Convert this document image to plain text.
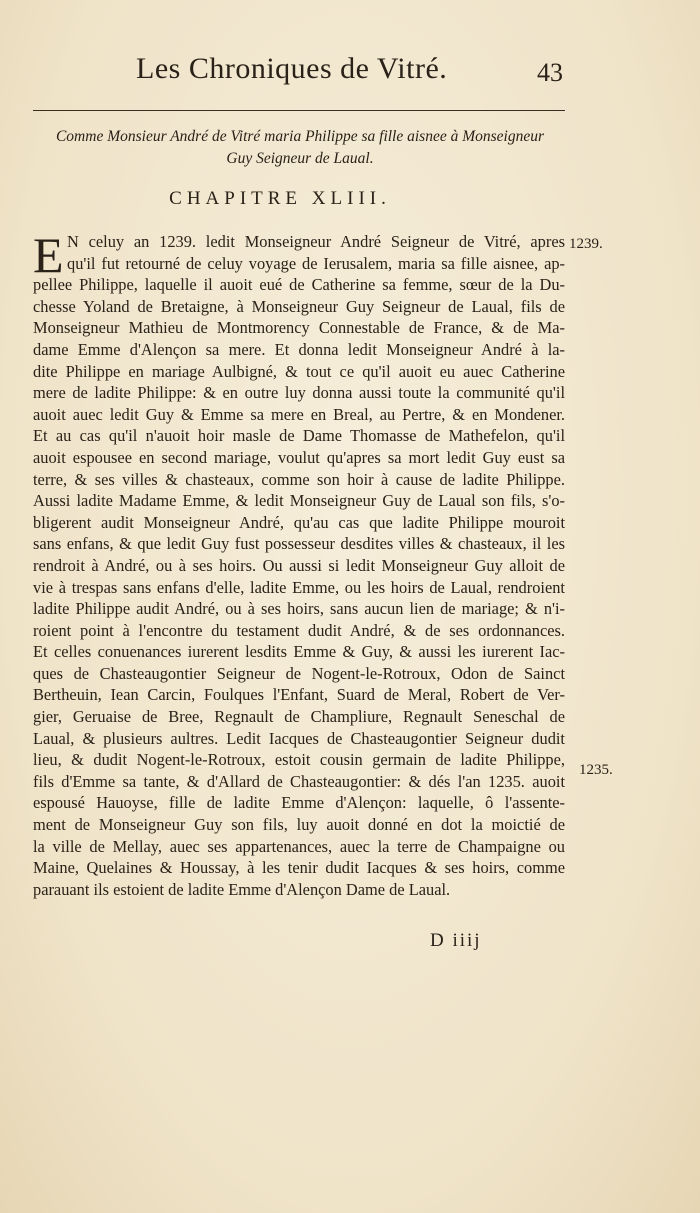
Les Chroniques de Vitré.	43
Comme Monsieur André de Vitré maria Philippe sa fille aisnee à Monseigneur
Guy Seigneur de Laual.
CHAPITRE XLIII.
E N celuy an 1239. ledit Monseigneur André Seigneur de Vitré, apres
qu'il fut retourné de celuy voyage de Ierusalem, maria sa fille aisnee, ap-
pellee Philippe, laquelle il auoit eué de Catherine sa femme, sœur de la Du-
chesse Yoland de Bretaigne, à Monseigneur Guy Seigneur de Laual, fils de
Monseigneur Mathieu de Montmorency Connestable de France, & de Ma-
dame Emme d'Alençon sa mere. Et donna ledit Monseigneur André à la-
dite Philippe en mariage Aulbigné, & tout ce qu'il auoit eu auec Catherine
mere de ladite Philippe: & en outre luy donna aussi toute la communité qu'il
auoit auec ledit Guy & Emme sa mere en Breal, au Pertre, & en Mondener.
Et au cas qu'il n'auoit hoir masle de Dame Thomasse de Mathefelon, qu'il
auoit espousee en second mariage, voulut qu'apres sa mort ledit Guy eust sa
terre, & ses villes & chasteaux, comme son hoir à cause de ladite Philippe.
Aussi ladite Madame Emme, & ledit Monseigneur Guy de Laual son fils, s'o-
bligerent audit Monseigneur André, qu'au cas que ladite Philippe mouroit
sans enfans, & que ledit Guy fust possesseur desdites villes & chasteaux, il les
rendroit à André, ou à ses hoirs. Ou aussi si ledit Monseigneur Guy alloit de
vie à trespas sans enfans d'elle, ladite Emme, ou les hoirs de Laual, rendroient
ladite Philippe audit André, ou à ses hoirs, sans aucun lien de mariage; & n'i-
roient point à l'encontre du testament dudit André, & de ses ordonnances.
Et celles conuenances iurerent lesdits Emme & Guy, & aussi les iurerent Iac-
ques de Chasteaugontier Seigneur de Nogent-le-Rotroux, Odon de Sainct
Bertheuin, Iean Carcin, Foulques l'Enfant, Suard de Meral, Robert de Ver-
gier, Geruaise de Bree, Regnault de Champliure, Regnault Seneschal de
Laual, & plusieurs aultres. Ledit Iacques de Chasteaugontier Seigneur dudit
lieu, & dudit Nogent-le-Rotroux, estoit cousin germain de ladite Philippe,
fils d'Emme sa tante, & d'Allard de Chasteaugontier: & dés l'an 1235. auoit
espousé Hauoyse, fille de ladite Emme d'Alençon: laquelle, ô l'assente-
ment de Monseigneur Guy son fils, luy auoit donné en dot la moictié de
la ville de Mellay, auec ses appartenances, auec la terre de Champaigne ou
Maine, Quelaines & Houssay, à les tenir dudit Iacques & ses hoirs, comme
parauant ils estoient de ladite Emme d'Alençon Dame de Laual.
1239.
1235.
D iiij
